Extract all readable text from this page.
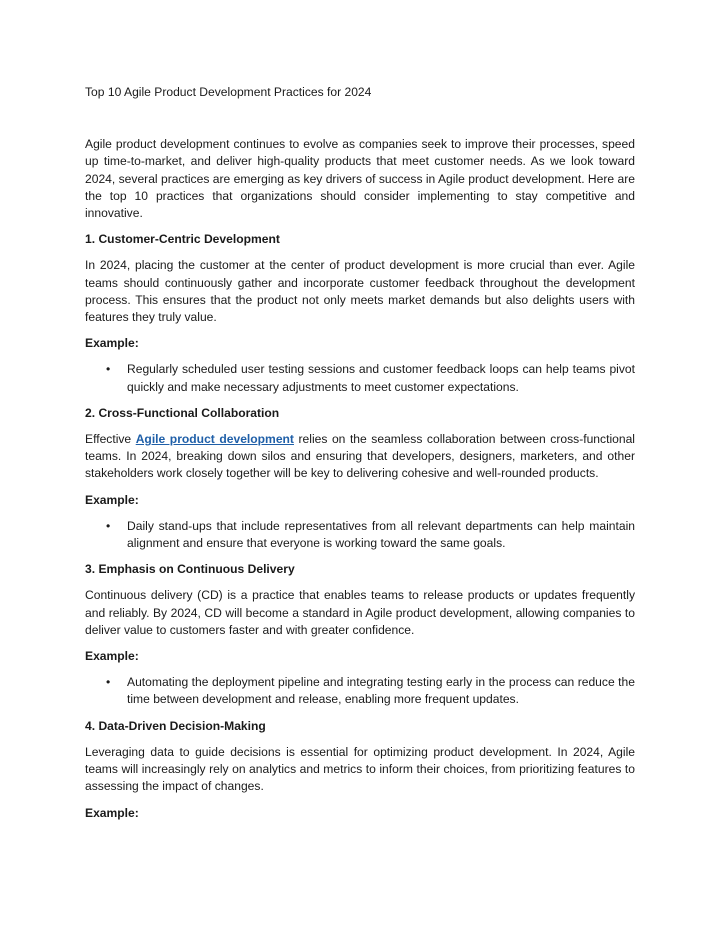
Top 10 Agile Product Development Practices for 2024

Agile product development continues to evolve as companies seek to improve their processes, speed up time-to-market, and deliver high-quality products that meet customer needs. As we look toward 2024, several practices are emerging as key drivers of success in Agile product development. Here are the top 10 practices that organizations should consider implementing to stay competitive and innovative.

1. Customer-Centric Development

In 2024, placing the customer at the center of product development is more crucial than ever. Agile teams should continuously gather and incorporate customer feedback throughout the development process. This ensures that the product not only meets market demands but also delights users with features they truly value.

Example:
• Regularly scheduled user testing sessions and customer feedback loops can help teams pivot quickly and make necessary adjustments to meet customer expectations.
2. Cross-Functional Collaboration

Effective Agile product development relies on the seamless collaboration between cross-functional teams. In 2024, breaking down silos and ensuring that developers, designers, marketers, and other stakeholders work closely together will be key to delivering cohesive and well-rounded products.

Example:
• Daily stand-ups that include representatives from all relevant departments can help maintain alignment and ensure that everyone is working toward the same goals.
3. Emphasis on Continuous Delivery

Continuous delivery (CD) is a practice that enables teams to release products or updates frequently and reliably. By 2024, CD will become a standard in Agile product development, allowing companies to deliver value to customers faster and with greater confidence.

Example:
• Automating the deployment pipeline and integrating testing early in the process can reduce the time between development and release, enabling more frequent updates.
4. Data-Driven Decision-Making

Leveraging data to guide decisions is essential for optimizing product development. In 2024, Agile teams will increasingly rely on analytics and metrics to inform their choices, from prioritizing features to assessing the impact of changes.

Example:
